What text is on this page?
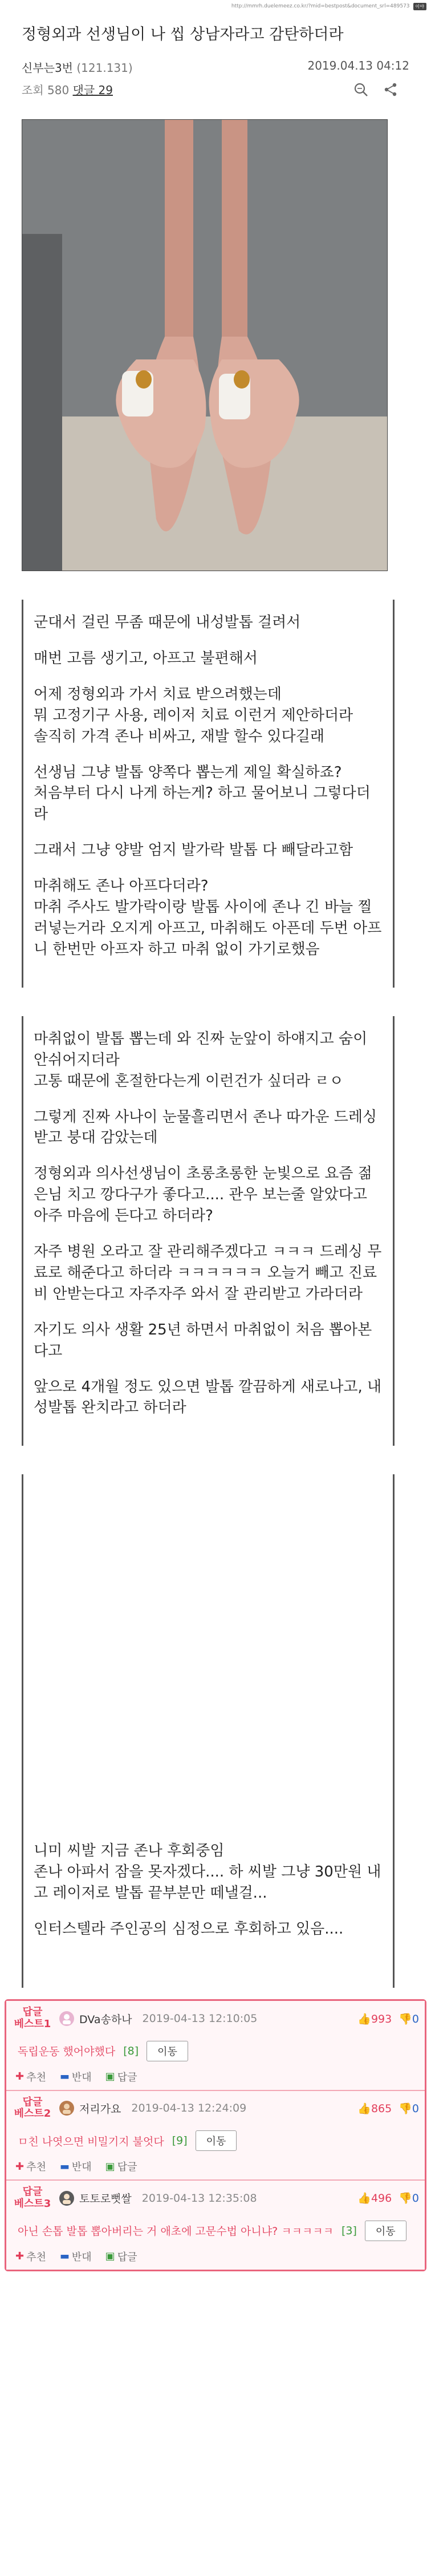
http://mmrh.duelemeez.co.kr/?mid=bestpost&document_srl=489573	이야
정형외과 선생님이 나 씹 상남자라고 감탄하더라
신부는3번 (121.131)	2019.04.13 04:12
조회 580 댓글 29

군대서 걸린 무좀 때문에 내성발톱 걸려서

매번 고름 생기고, 아프고 불편해서

어제 정형외과 가서 치료 받으려했는데
뭐 고정기구 사용, 레이저 치료 이런거 제안하더라
솔직히 가격 존나 비싸고, 재발 할수 있다길래

선생님 그냥 발톱 양쪽다 뽑는게 제일 확실하죠?
처음부터 다시 나게 하는게? 하고 물어보니 그렇다더라

그래서 그냥 양발 엄지 발가락 발톱 다 빼달라고함

마취해도 존나 아프다더라?
마취 주사도 발가락이랑 발톱 사이에 존나 긴 바늘 찔러넣는거라 오지게 아프고, 마취해도 아픈데 두번 아프니 한번만 아프자 하고 마취 없이 가기로했음

마취없이 발톱 뽑는데 와 진짜 눈앞이 하얘지고 숨이 안쉬어지더라
고통 때문에 혼절한다는게 이런건가 싶더라 ㄹㅇ

그렇게 진짜 사나이 눈물흘리면서 존나 따가운 드레싱 받고 붕대 감았는데

정형외과 의사선생님이 초롱초롱한 눈빛으로 요즘 젊은님 치고 깡다구가 좋다고.... 관우 보는줄 알았다고 아주 마음에 든다고 하더라?

자주 병원 오라고 잘 관리해주겠다고 ㅋㅋㅋ 드레싱 무료로 해준다고 하더라 ㅋㅋㅋㅋㅋㅋ 오늘거 빼고 진료비 안받는다고 자주자주 와서 잘 관리받고 가라더라

자기도 의사 생활 25년 하면서 마취없이 처음 뽑아본다고

앞으로 4개월 정도 있으면 발톱 깔끔하게 새로나고, 내성발톱 완치라고 하더라

니미 씨발 지금 존나 후회중임
존나 아파서 잠을 못자겠다.... 하 씨발 그냥 30만원 내고 레이저로 발톱 끝부분만 떼낼걸...

인터스텔라 주인공의 심정으로 후회하고 있음....

답글
베스트1	DVa송하나 2019-04-13 12:10:05	👍993 👎0
독립운동 했어야했다 [8]	이동
✚ 추천 ▬ 반대 ▣ 답글
답글
베스트2	저리가요 2019-04-13 12:24:09	👍865 👎0
ㅁ친 나엿으면 비밀기지 불엇다 [9]	이동
✚ 추천 ▬ 반대 ▣ 답글
답글
베스트3	토토로뻣쌀 2019-04-13 12:35:08	👍496 👎0
아닌 손톱 발톱 뽑아버리는 거 애초에 고문수법 아니냐? ㅋㅋㅋㅋㅋ [3]	이동
✚ 추천 ▬ 반대 ▣ 답글
